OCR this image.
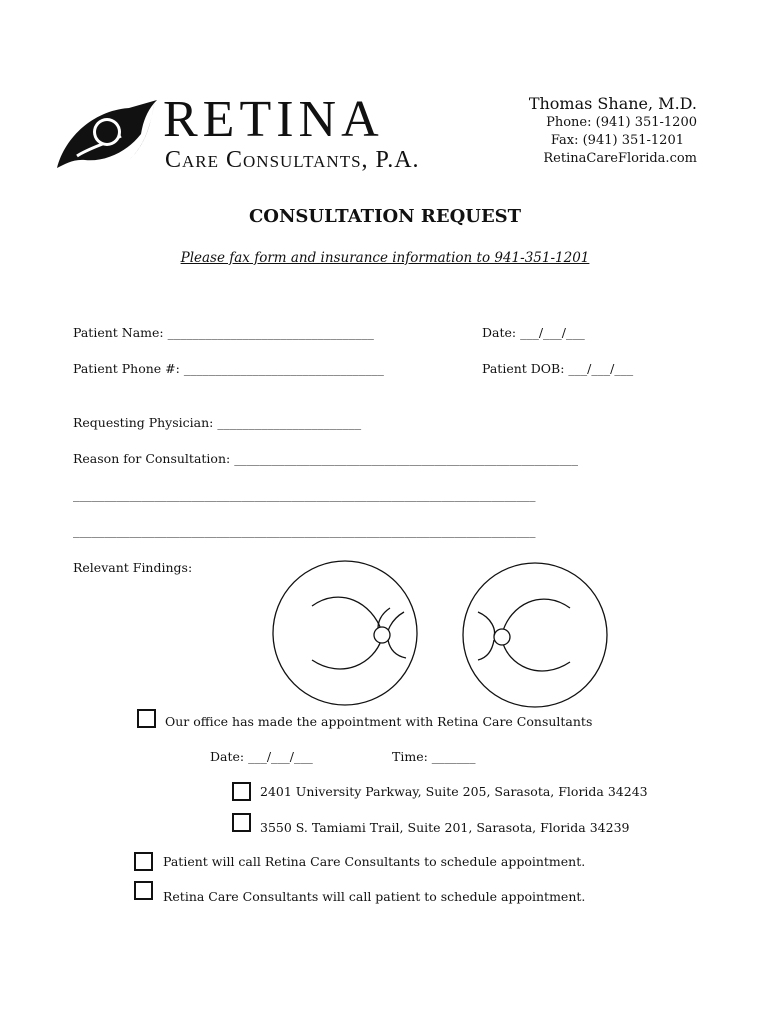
RETINA
Care Consultants, P.A.
Thomas Shane, M.D.
Phone: (941) 351-1200
Fax: (941) 351-1201
RetinaCareFlorida.com
CONSULTATION REQUEST
Please fax form and insurance information to 941-351-1201
Patient Name: _________________________________	Date: ___/___/___
Patient Phone #: ________________________________	Patient DOB: ___/___/___
Requesting Physician: _______________________
Reason for Consultation: _______________________________________________________
__________________________________________________________________________
__________________________________________________________________________
Relevant Findings:
Our office has made the appointment with Retina Care Consultants
Date: ___/___/___	Time: _______
2401 University Parkway, Suite 205, Sarasota, Florida 34243
3550 S. Tamiami Trail, Suite 201, Sarasota, Florida 34239
Patient will call Retina Care Consultants to schedule appointment.
Retina Care Consultants will call patient to schedule appointment.
